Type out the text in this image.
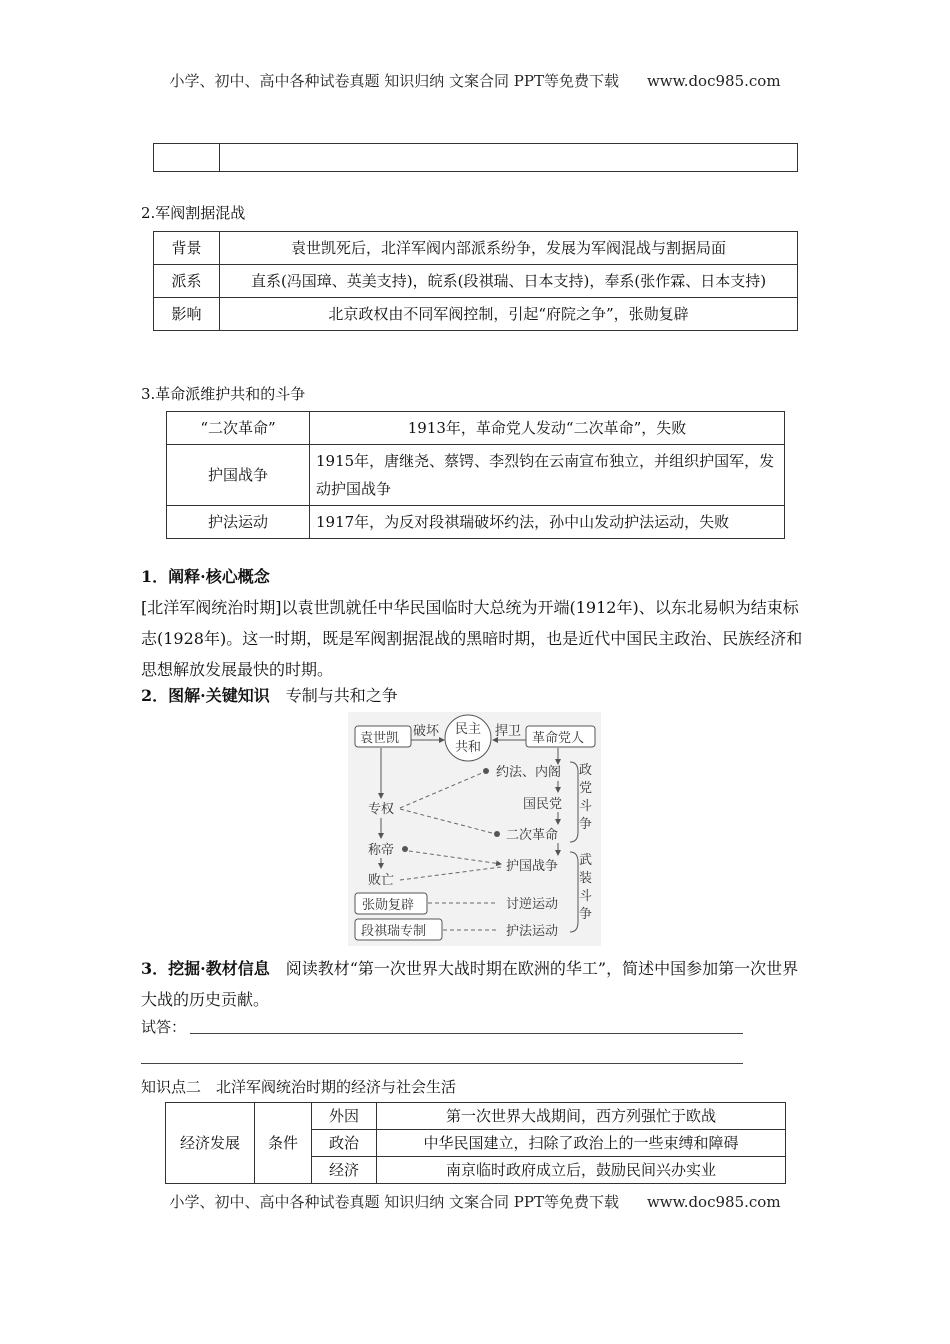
小学、初中、高中各种试卷真题 知识归纳 文案合同 PPT等免费下载 www.doc985.com

2.军阀割据混战
背景	袁世凯死后，北洋军阀内部派系纷争，发展为军阀混战与割据局面
派系	直系(冯国璋、英美支持)，皖系(段祺瑞、日本支持)，奉系(张作霖、日本支持)
影响	北京政权由不同军阀控制，引起“府院之争”，张勋复辟
3.革命派维护共和的斗争
“二次革命”	1913年，革命党人发动“二次革命”，失败
护国战争	1915年，唐继尧、蔡锷、李烈钧在云南宣布独立，并组织护国军，发动护国战争
护法运动	1917年，为反对段祺瑞破坏约法，孙中山发动护法运动，失败
1．阐释·核心概念
[北洋军阀统治时期]以袁世凯就任中华民国临时大总统为开端(1912年)、以东北易帜为结束标志(1928年)。这一时期，既是军阀割据混战的黑暗时期，也是近代中国民主政治、民族经济和思想解放发展最快的时期。
2．图解·关键知识 专制与共和之争
袁世凯 破坏 民主
共和
捍卫 革命党人
专权
称帝
败亡
约法、内阁
国民党
二次革命
护国战争
张勋复辟	讨逆运动
段祺瑞专制	护法运动
政
党
斗
争
武
装
斗
争
3．挖掘·教材信息 阅读教材“第一次世界大战时期在欧洲的华工”，简述中国参加第一次世界大战的历史贡献。
试答：
知识点二　北洋军阀统治时期的经济与社会生活
经济发展	条件	外因	第一次世界大战期间，西方列强忙于欧战
		政治	中华民国建立，扫除了政治上的一些束缚和障碍
		经济	南京临时政府成立后，鼓励民间兴办实业
小学、初中、高中各种试卷真题 知识归纳 文案合同 PPT等免费下载 www.doc985.com
